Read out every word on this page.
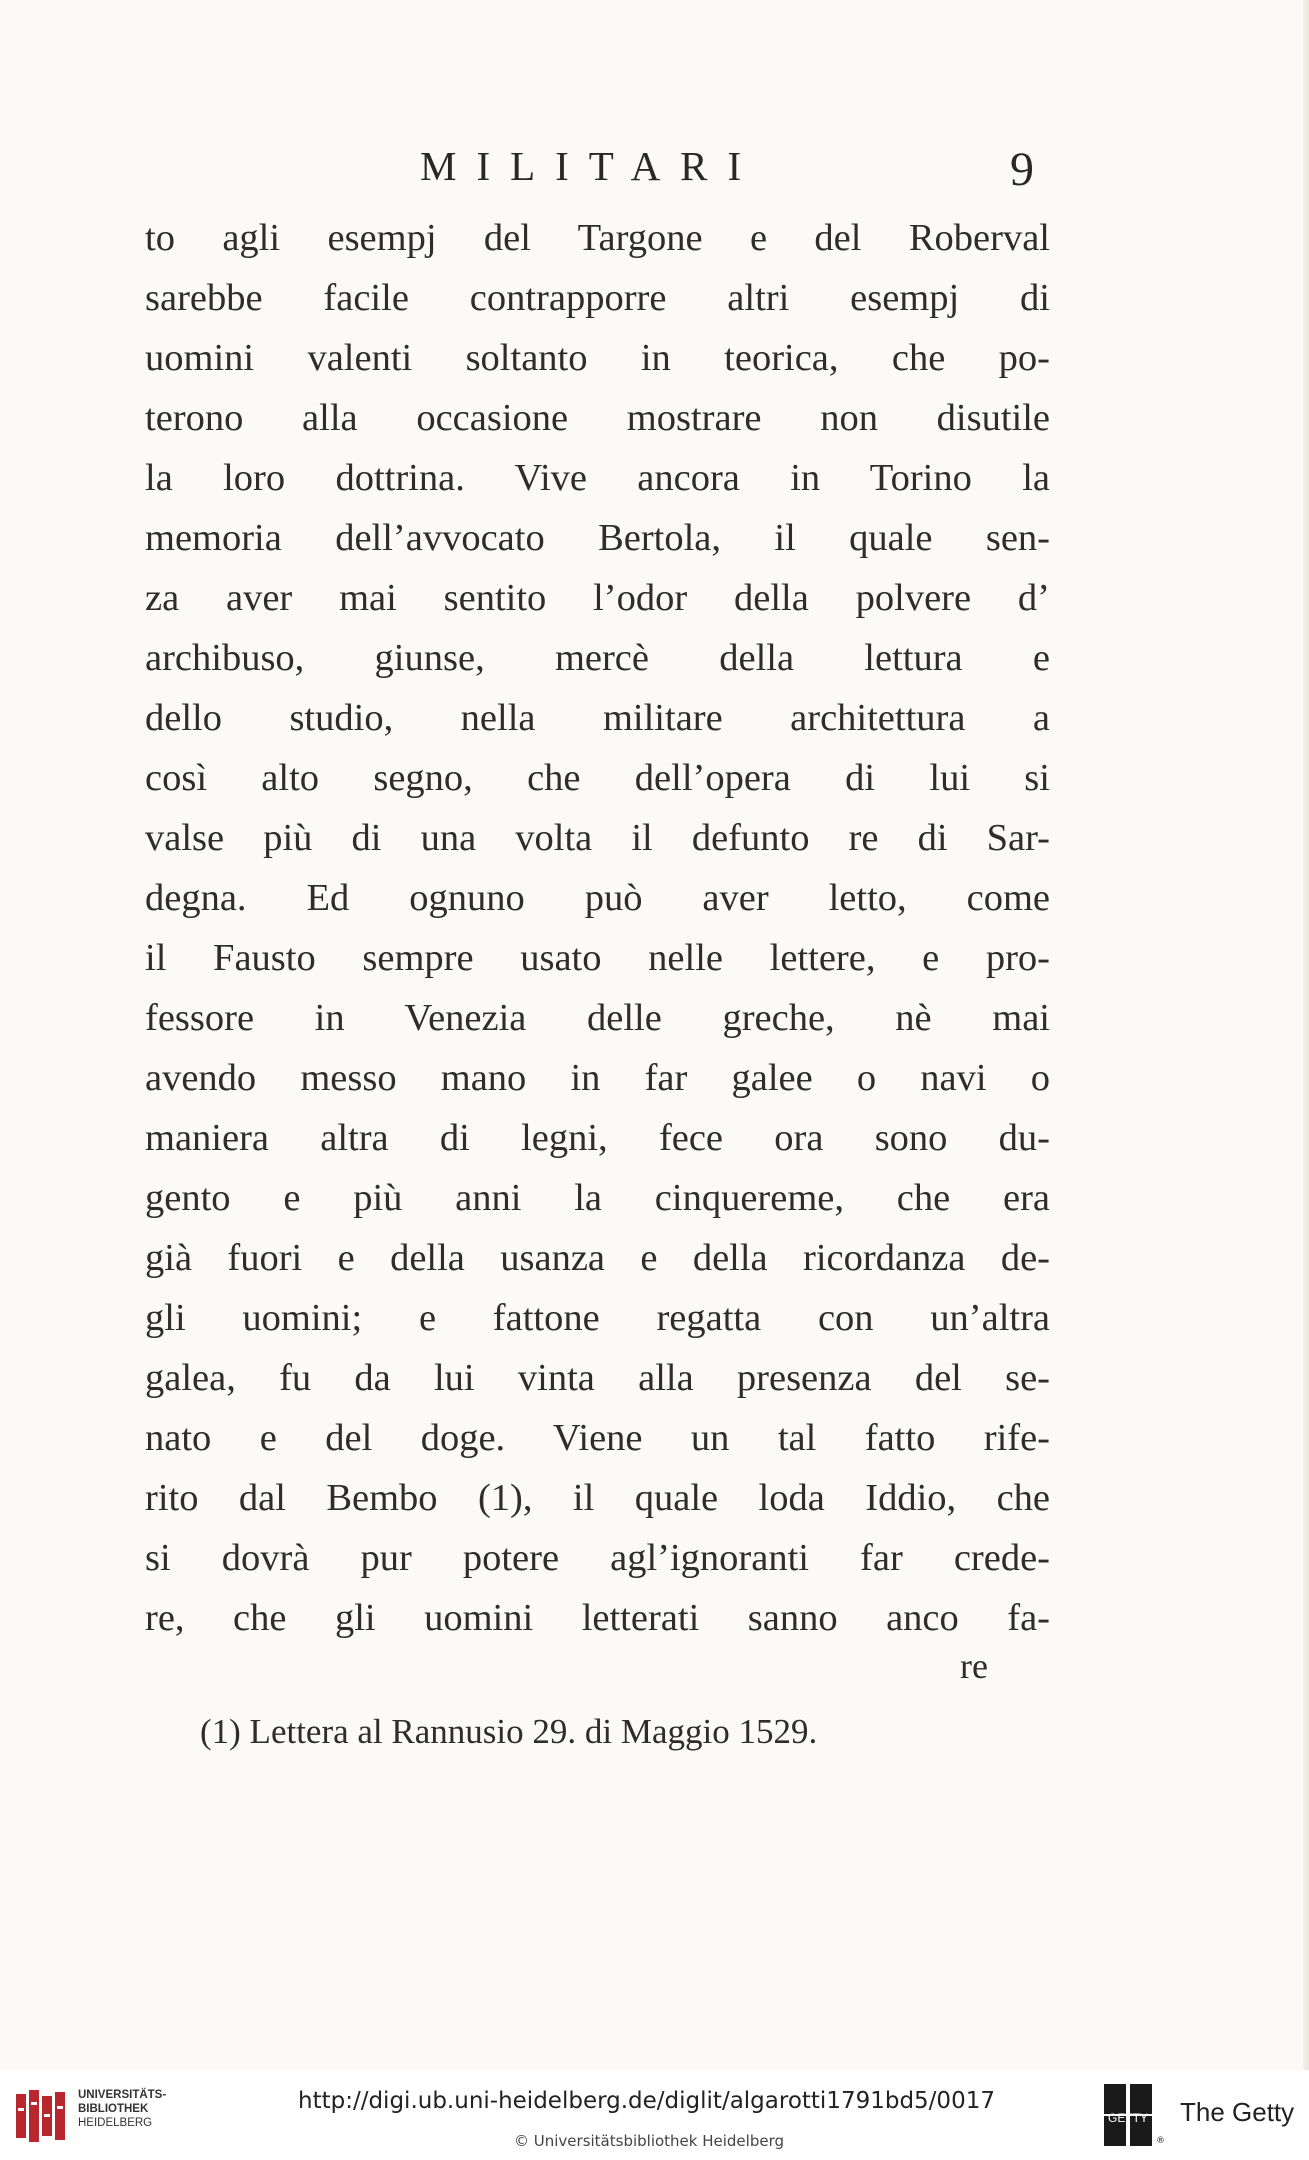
MILITARI	9
to agli esempj del Targone e del Roberval
sarebbe facile contrapporre altri esempj di
uomini valenti soltanto in teorica, che po-
terono alla occasione mostrare non disutile
la loro dottrina. Vive ancora in Torino la
memoria dell’avvocato Bertola, il quale sen-
za aver mai sentito l’odor della polvere d’
archibuso, giunse, mercè della lettura e
dello studio, nella militare architettura a
così alto segno, che dell’opera di lui si
valse più di una volta il defunto re di Sar-
degna. Ed ognuno può aver letto, come
il Fausto sempre usato nelle lettere, e pro-
fessore in Venezia delle greche, nè mai
avendo messo mano in far galee o navi o
maniera altra di legni, fece ora sono du-
gento e più anni la cinquereme, che era
già fuori e della usanza e della ricordanza de-
gli uomini; e fattone regatta con un’altra
galea, fu da lui vinta alla presenza del se-
nato e del doge. Viene un tal fatto rife-
rito dal Bembo (1), il quale loda Iddio, che
si dovrà pur potere agl’ignoranti far crede-
re, che gli uomini letterati sanno anco fa-
re
(1) Lettera al Rannusio 29. di Maggio 1529.
UNIVERSITÄTS-
BIBLIOTHEK
HEIDELBERG
http://digi.ub.uni-heidelberg.de/diglit/algarotti1791bd5/0017
© Universitätsbibliothek Heidelberg
GETTY
®
The Getty
